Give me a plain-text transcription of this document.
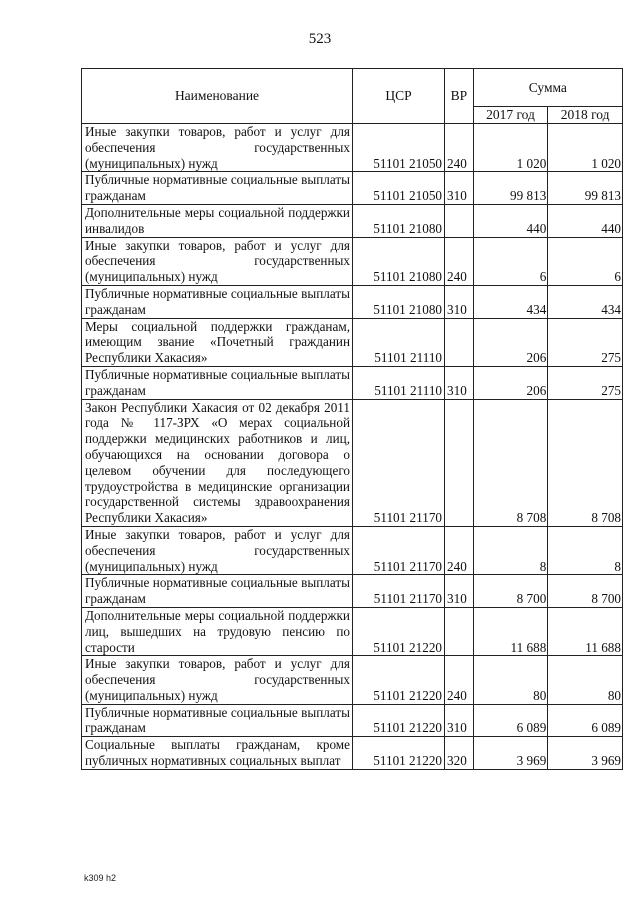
523
Наименование	ЦСР	ВР	Сумма	
			2017 год	2018 год
Иные закупки товаров, работ и услуг для обеспечения государственных (муниципальных) нужд	51101 21050	240	1 020	1 020
Публичные нормативные социальные выплаты гражданам	51101 21050	310	99 813	99 813
Дополнительные меры социальной поддержки инвалидов	51101 21080		440	440
Иные закупки товаров, работ и услуг для обеспечения государственных (муниципальных) нужд	51101 21080	240	6	6
Публичные нормативные социальные выплаты гражданам	51101 21080	310	434	434
Меры социальной поддержки гражданам, имеющим звание «Почетный гражданин Республики Хакасия»	51101 21110		206	275
Публичные нормативные социальные выплаты гражданам	51101 21110	310	206	275
Закон Республики Хакасия от 02 декабря 2011 года № 117-ЗРХ «О мерах социальной поддержки медицинских работников и лиц, обучающихся на основании договора о целевом обучении для последующего трудоустройства в медицинские организации государственной системы здравоохранения Республики Хакасия»	51101 21170		8 708	8 708
Иные закупки товаров, работ и услуг для обеспечения государственных (муниципальных) нужд	51101 21170	240	8	8
Публичные нормативные социальные выплаты гражданам	51101 21170	310	8 700	8 700
Дополнительные меры социальной поддержки лиц, вышедших на трудовую пенсию по старости	51101 21220		11 688	11 688
Иные закупки товаров, работ и услуг для обеспечения государственных (муниципальных) нужд	51101 21220	240	80	80
Публичные нормативные социальные выплаты гражданам	51101 21220	310	6 089	6 089
Социальные выплаты гражданам, кроме публичных нормативных социальных выплат	51101 21220	320	3 969	3 969
k309 h2
